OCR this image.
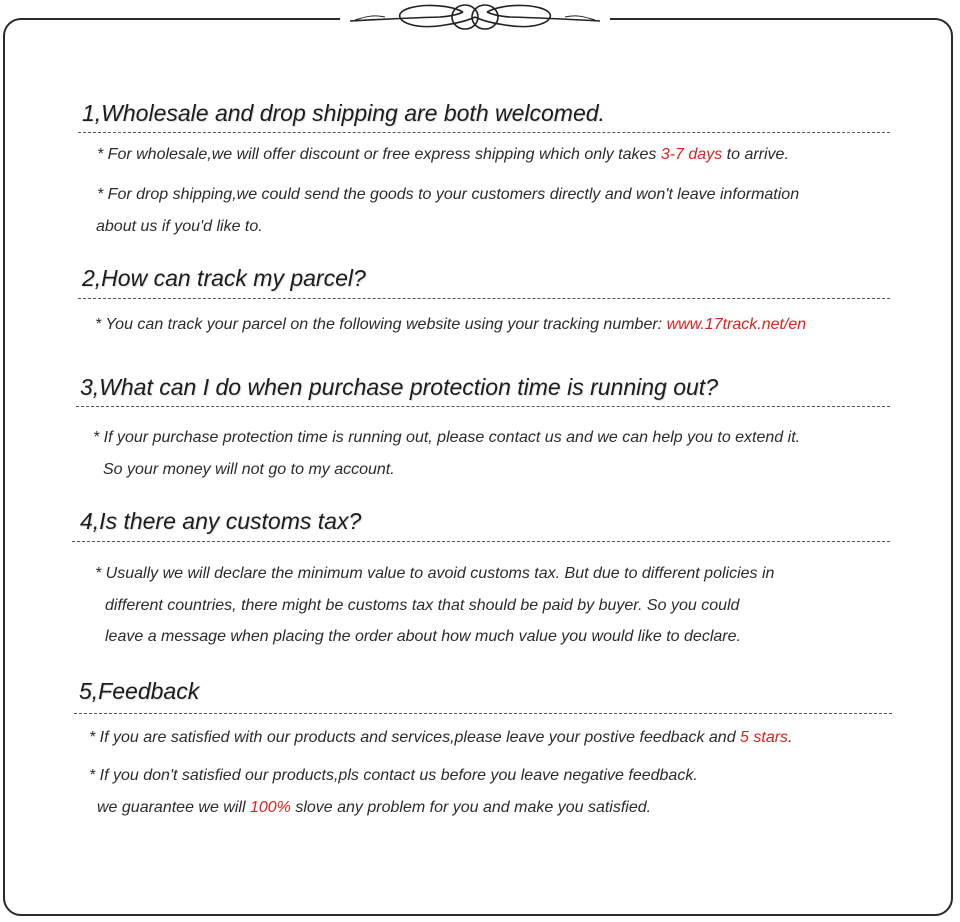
1,Wholesale and drop shipping are both welcomed.
* For wholesale,we will offer discount or free express shipping which only takes 3-7 days to arrive.
* For drop shipping,we could send the goods to your customers directly and won't leave information
about us if you'd like to.
2,How can track my parcel?
* You can track your parcel on the following website using your tracking number: www.17track.net/en
3,What can I do when purchase protection time is running out?
* If your purchase protection time is running out, please contact us and we can help you to extend it.
So your money will not go to my account.
4,Is there any customs tax?
* Usually we will declare the minimum value to avoid customs tax. But due to different policies in
different countries, there might be customs tax that should be paid by buyer. So you could
leave a message when placing the order about how much value you would like to declare.
5,Feedback
* If you are satisfied with our products and services,please leave your postive feedback and 5 stars.
* If you don't satisfied our products,pls contact us before you leave negative feedback.
we guarantee we will 100% slove any problem for you and make you satisfied.
